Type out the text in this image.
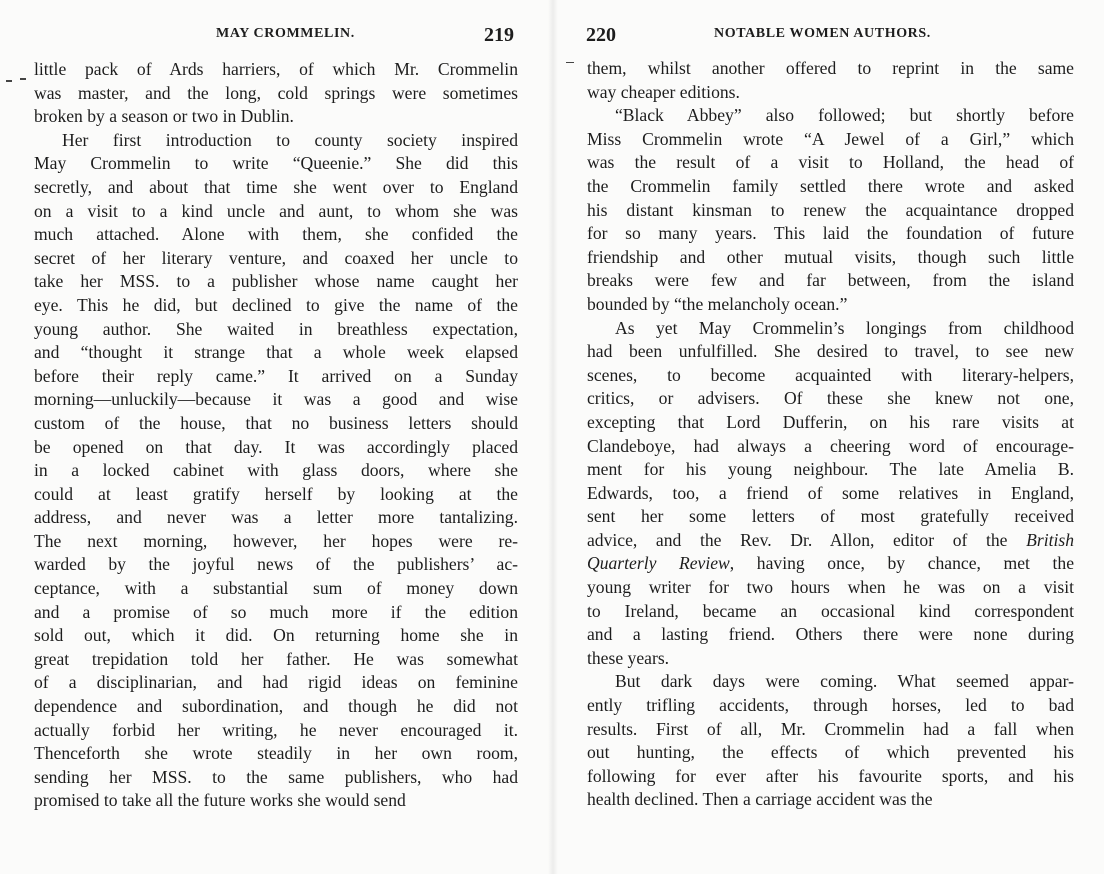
MAY CROMMELIN.	219

little pack of Ards harriers, of which Mr. Crommelin
was master, and the long, cold springs were sometimes
broken by a season or two in Dublin.

Her first introduction to county society inspired
May Crommelin to write “Queenie.” She did this
secretly, and about that time she went over to England
on a visit to a kind uncle and aunt, to whom she was
much attached. Alone with them, she confided the
secret of her literary venture, and coaxed her uncle to
take her MSS. to a publisher whose name caught her
eye. This he did, but declined to give the name of the
young author. She waited in breathless expectation,
and “thought it strange that a whole week elapsed
before their reply came.” It arrived on a Sunday
morning—unluckily—because it was a good and wise
custom of the house, that no business letters should
be opened on that day. It was accordingly placed
in a locked cabinet with glass doors, where she
could at least gratify herself by looking at the
address, and never was a letter more tantalizing.
The next morning, however, her hopes were re-
warded by the joyful news of the publishers’ ac-
ceptance, with a substantial sum of money down
and a promise of so much more if the edition
sold out, which it did. On returning home she in
great trepidation told her father. He was somewhat
of a disciplinarian, and had rigid ideas on feminine
dependence and subordination, and though he did not
actually forbid her writing, he never encouraged it.
Thenceforth she wrote steadily in her own room,
sending her MSS. to the same publishers, who had
promised to take all the future works she would send

220	NOTABLE WOMEN AUTHORS.

them, whilst another offered to reprint in the same
way cheaper editions.

“Black Abbey” also followed; but shortly before
Miss Crommelin wrote “A Jewel of a Girl,” which
was the result of a visit to Holland, the head of
the Crommelin family settled there wrote and asked
his distant kinsman to renew the acquaintance dropped
for so many years. This laid the foundation of future
friendship and other mutual visits, though such little
breaks were few and far between, from the island
bounded by “the melancholy ocean.”

As yet May Crommelin’s longings from childhood
had been unfulfilled. She desired to travel, to see new
scenes, to become acquainted with literary-helpers,
critics, or advisers. Of these she knew not one,
excepting that Lord Dufferin, on his rare visits at
Clandeboye, had always a cheering word of encourage-
ment for his young neighbour. The late Amelia B.
Edwards, too, a friend of some relatives in England,
sent her some letters of most gratefully received
advice, and the Rev. Dr. Allon, editor of the British
Quarterly Review, having once, by chance, met the
young writer for two hours when he was on a visit
to Ireland, became an occasional kind correspondent
and a lasting friend. Others there were none during
these years.

But dark days were coming. What seemed appar-
ently trifling accidents, through horses, led to bad
results. First of all, Mr. Crommelin had a fall when
out hunting, the effects of which prevented his
following for ever after his favourite sports, and his
health declined. Then a carriage accident was the
